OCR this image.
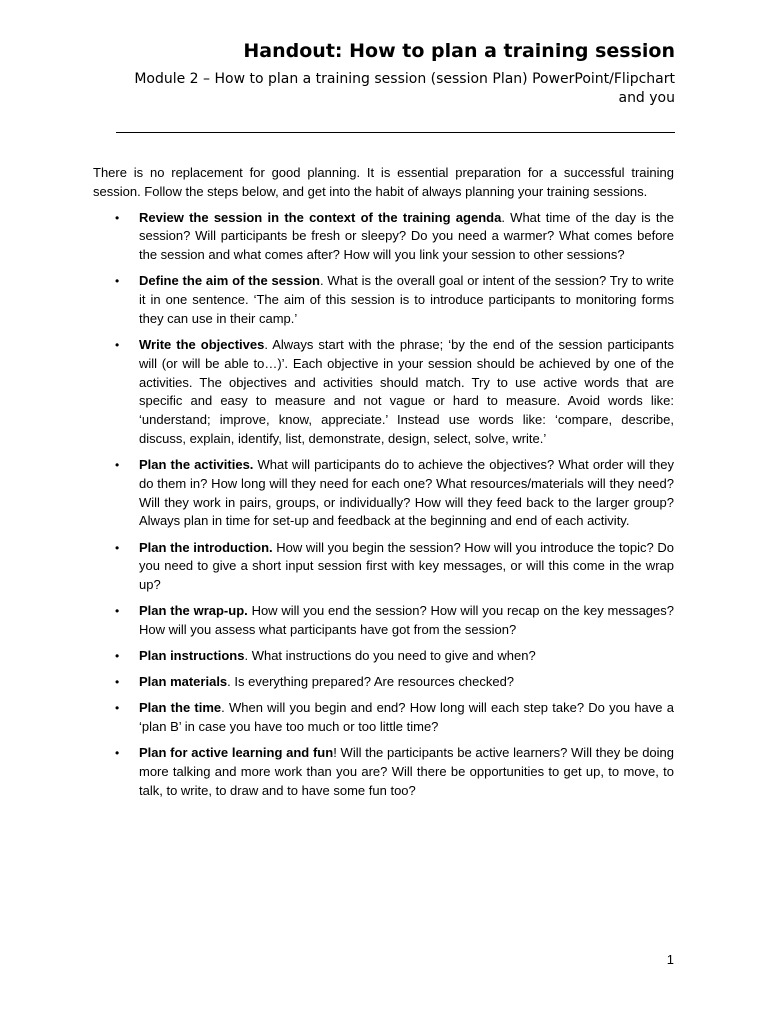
Handout: How to plan a training session

Module 2 – How to plan a training session (session Plan) PowerPoint/Flipchart and you

There is no replacement for good planning. It is essential preparation for a successful training session. Follow the steps below, and get into the habit of always planning your training sessions.

• Review the session in the context of the training agenda. What time of the day is the session? Will participants be fresh or sleepy? Do you need a warmer? What comes before the session and what comes after? How will you link your session to other sessions?
• Define the aim of the session. What is the overall goal or intent of the session? Try to write it in one sentence. ‘The aim of this session is to introduce participants to monitoring forms they can use in their camp.’
• Write the objectives. Always start with the phrase; ‘by the end of the session participants will (or will be able to…)’. Each objective in your session should be achieved by one of the activities. The objectives and activities should match. Try to use active words that are specific and easy to measure and not vague or hard to measure. Avoid words like: ‘understand; improve, know, appreciate.’ Instead use words like: ‘compare, describe, discuss, explain, identify, list, demonstrate, design, select, solve, write.’
• Plan the activities. What will participants do to achieve the objectives? What order will they do them in? How long will they need for each one? What resources/materials will they need? Will they work in pairs, groups, or individually? How will they feed back to the larger group? Always plan in time for set-up and feedback at the beginning and end of each activity.
• Plan the introduction. How will you begin the session? How will you introduce the topic? Do you need to give a short input session first with key messages, or will this come in the wrap up?
• Plan the wrap-up. How will you end the session? How will you recap on the key messages? How will you assess what participants have got from the session?
• Plan instructions. What instructions do you need to give and when?
• Plan materials. Is everything prepared? Are resources checked?
• Plan the time. When will you begin and end? How long will each step take? Do you have a ‘plan B’ in case you have too much or too little time?
• Plan for active learning and fun! Will the participants be active learners? Will they be doing more talking and more work than you are? Will there be opportunities to get up, to move, to talk, to write, to draw and to have some fun too?
1
